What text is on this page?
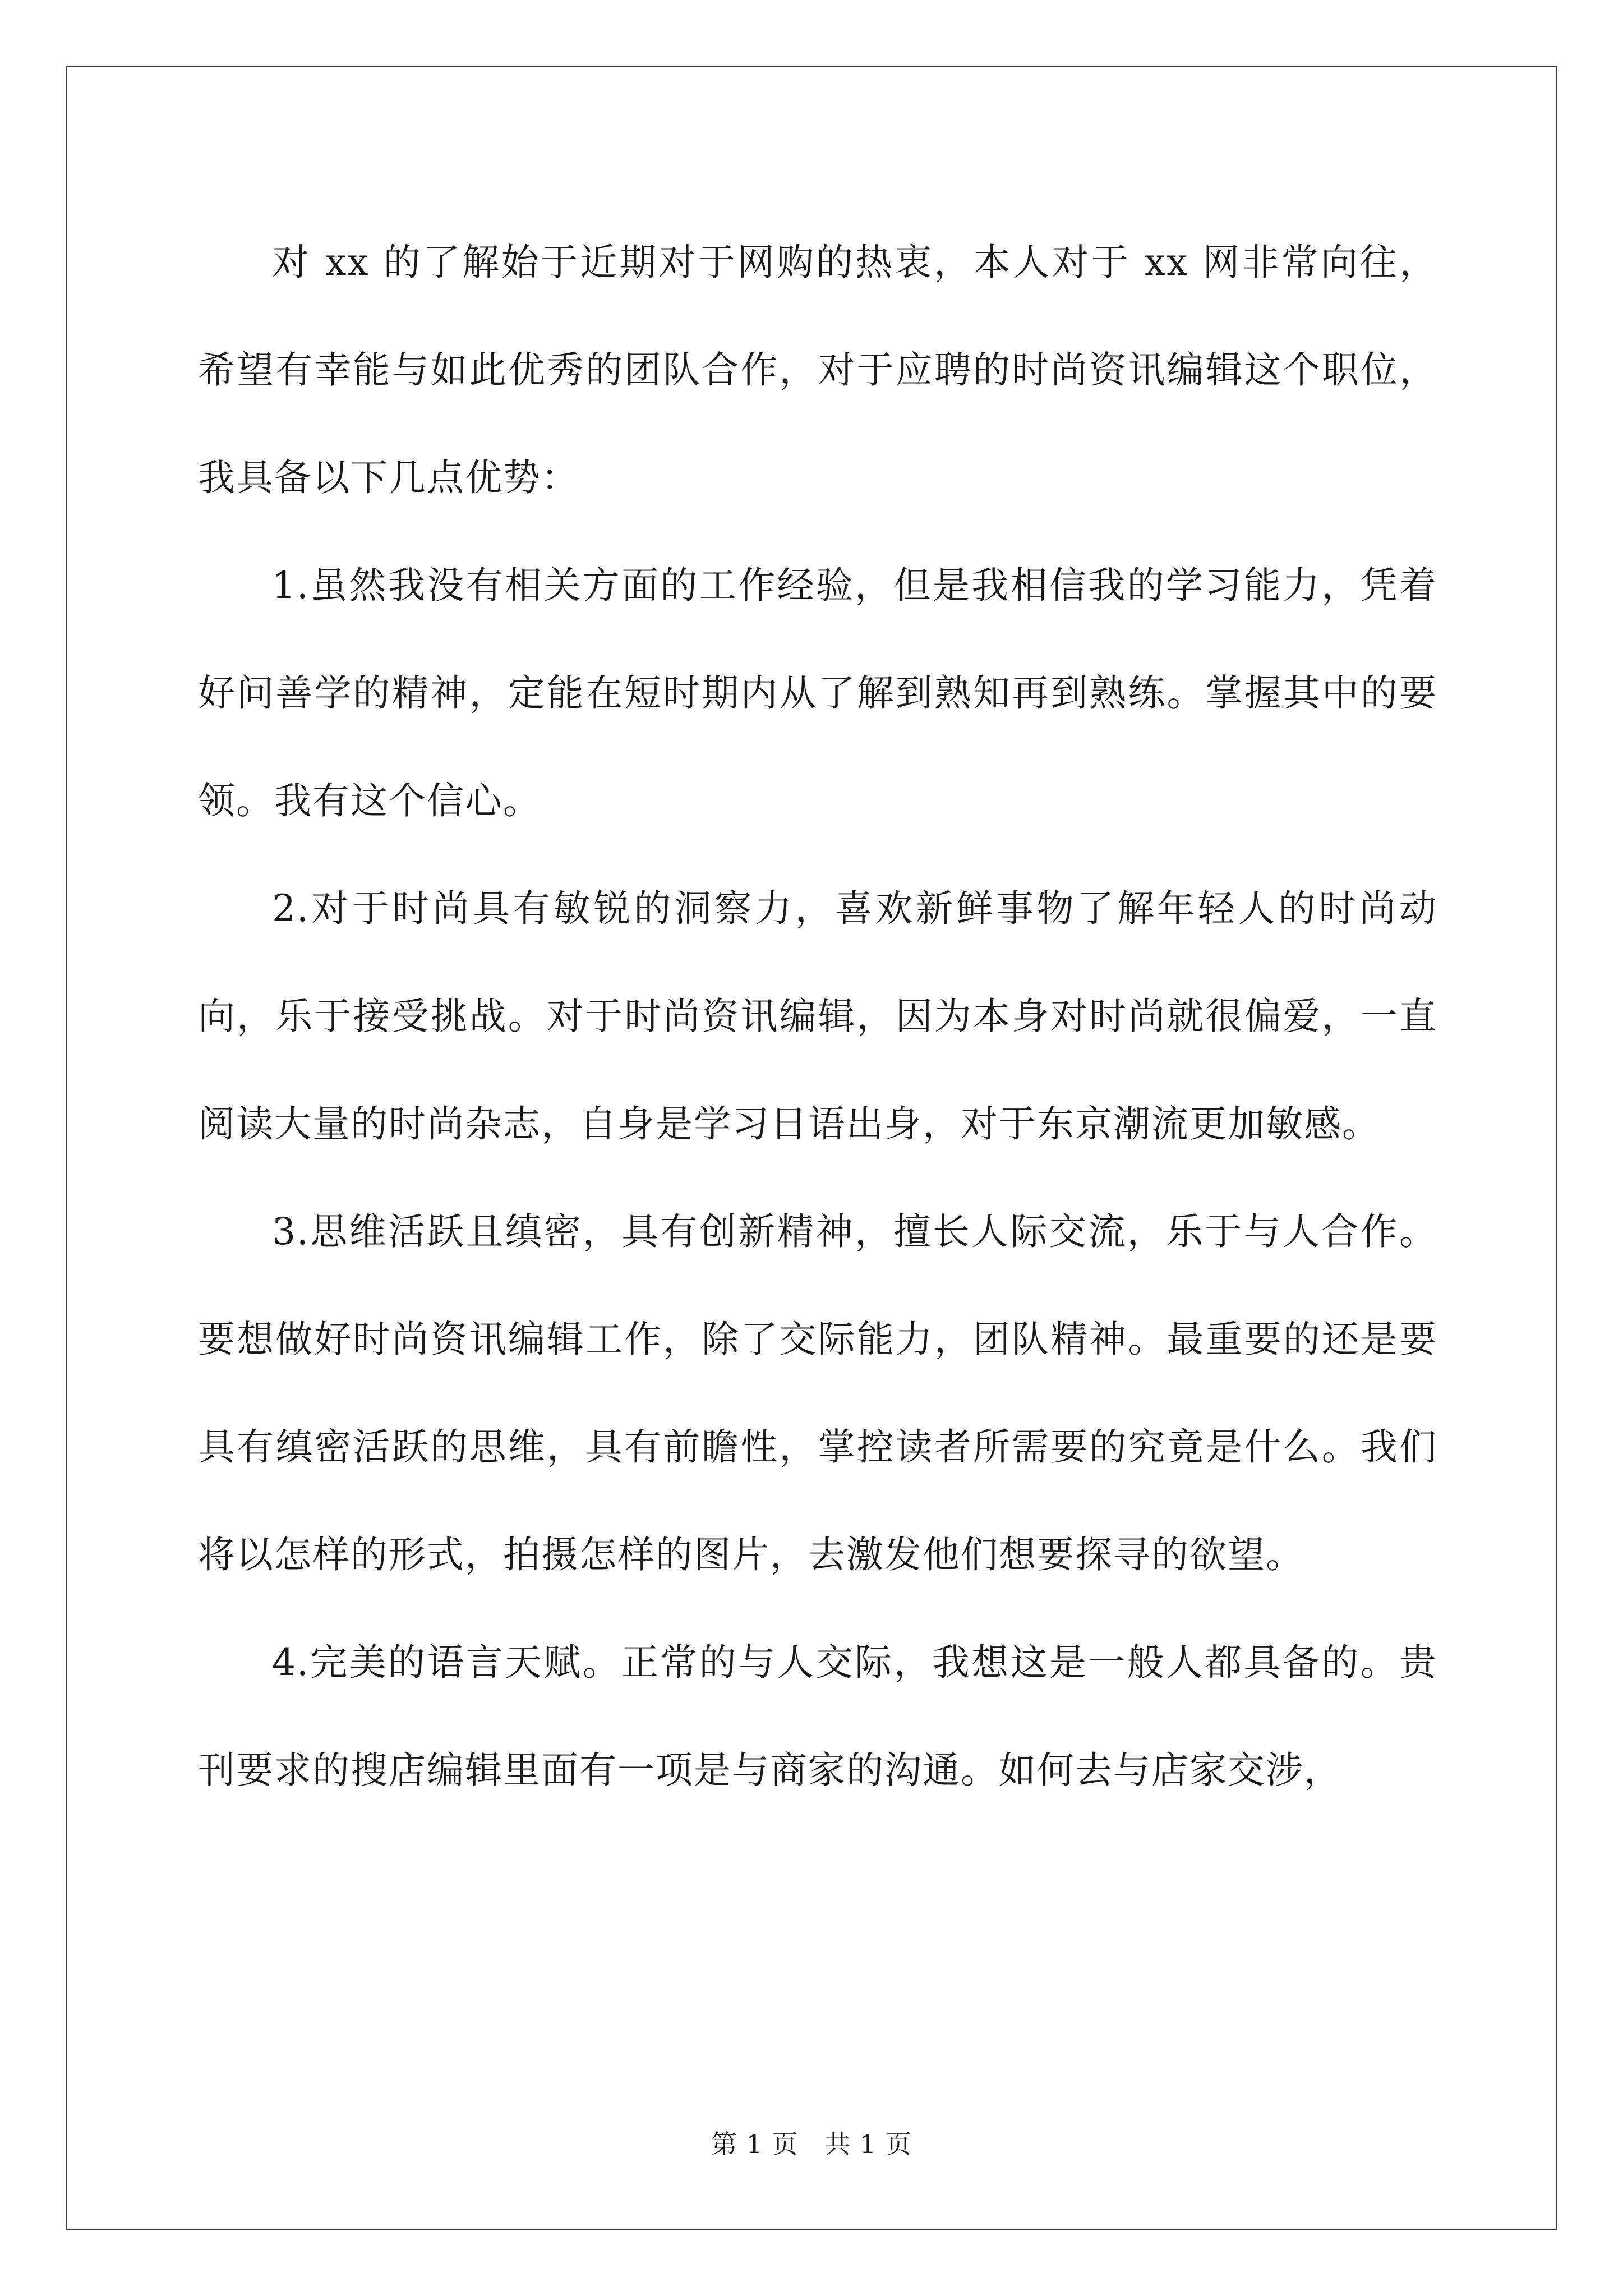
对 xx 的了解始于近期对于网购的热衷，本人对于 xx 网非常向往，希望有幸能与如此优秀的团队合作，对于应聘的时尚资讯编辑这个职位，我具备以下几点优势：

1.虽然我没有相关方面的工作经验，但是我相信我的学习能力，凭着好问善学的精神，定能在短时期内从了解到熟知再到熟练。掌握其中的要领。我有这个信心。

2.对于时尚具有敏锐的洞察力，喜欢新鲜事物了解年轻人的时尚动向，乐于接受挑战。对于时尚资讯编辑，因为本身对时尚就很偏爱，一直阅读大量的时尚杂志，自身是学习日语出身，对于东京潮流更加敏感。

3.思维活跃且缜密，具有创新精神，擅长人际交流，乐于与人合作。要想做好时尚资讯编辑工作，除了交际能力，团队精神。最重要的还是要具有缜密活跃的思维，具有前瞻性，掌控读者所需要的究竟是什么。我们将以怎样的形式，拍摄怎样的图片，去激发他们想要探寻的欲望。

4.完美的语言天赋。正常的与人交际，我想这是一般人都具备的。贵刊要求的搜店编辑里面有一项是与商家的沟通。如何去与店家交涉，

第 1 页 共 1 页
